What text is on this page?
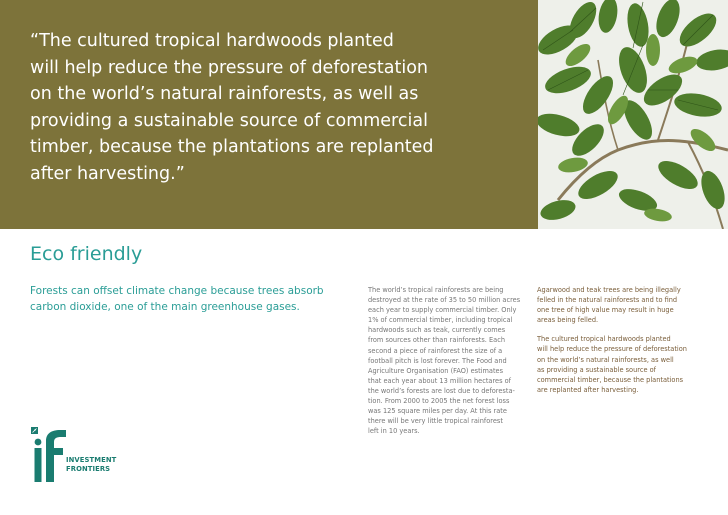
“The cultured tropical hardwoods planted
will help reduce the pressure of deforestation
on the world’s natural rainforests, as well as
providing a sustainable source of commercial
timber, because the plantations are replanted
after harvesting.”

Eco friendly

Forests can offset climate change because trees absorb
carbon dioxide, one of the main greenhouse gases.

The world’s tropical rainforests are being
destroyed at the rate of 35 to 50 million acres
each year to supply commercial timber. Only
1% of commercial timber, including tropical
hardwoods such as teak, currently comes
from sources other than rainforests. Each
second a piece of rainforest the size of a
football pitch is lost forever. The Food and
Agriculture Organisation (FAO) estimates
that each year about 13 million hectares of
the world’s forests are lost due to deforesta-
tion. From 2000 to 2005 the net forest loss
was 125 square miles per day. At this rate
there will be very little tropical rainforest
left in 10 years.

Agarwood and teak trees are being illegally
felled in the natural rainforests and to find
one tree of high value may result in huge
areas being felled.

The cultured tropical hardwoods planted
will help reduce the pressure of deforestation
on the world’s natural rainforests, as well
as providing a sustainable source of
commercial timber, because the plantations
are replanted after harvesting.

INVESTMENT
FRONTIERS
